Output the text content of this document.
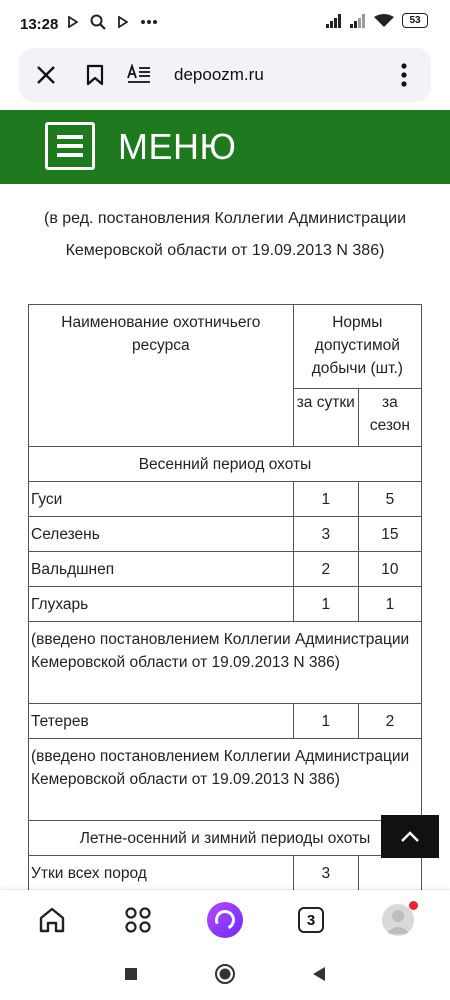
13:28	53
depoozm.ru
МЕНЮ
(в ред. постановления Коллегии Администрации
Кемеровской области от 19.09.2013 N 386)
Наименование охотничьего ресурса	Нормы допустимой добычи (шт.)	
	за сутки	за сезон
Весенний период охоты		
Гуси	1	5
Селезень	3	15
Вальдшнеп	2	10
Глухарь	1	1
(введено постановлением Коллегии Администрации Кемеровской области от 19.09.2013 N 386)		
Тетерев	1	2
(введено постановлением Коллегии Администрации Кемеровской области от 19.09.2013 N 386)		
Летне-осенний и зимний периоды охоты		
Утки всех пород	3	

3
